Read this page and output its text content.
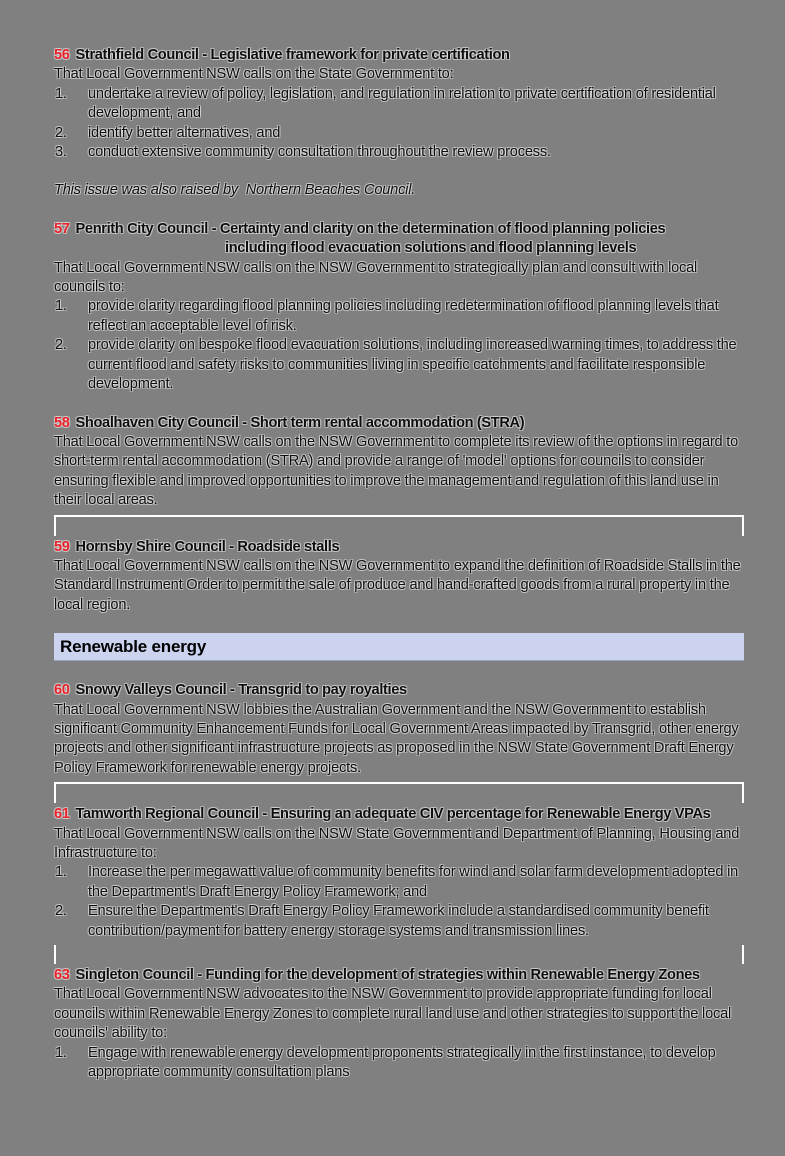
56 Strathfield Council - Legislative framework for private certification

That Local Government NSW calls on the State Government to:

undertake a review of policy, legislation, and regulation in relation to private certification of residential development, and
identify better alternatives, and
conduct extensive community consultation throughout the review process.

This issue was also raised by  Northern Beaches Council.

57 Penrith City Council - Certainty and clarity on the determination of flood planning policies
including flood evacuation solutions and flood planning levels

That Local Government NSW calls on the NSW Government to strategically plan and consult with local councils to:

provide clarity regarding flood planning policies including redetermination of flood planning levels that reflect an acceptable level of risk.
provide clarity on bespoke flood evacuation solutions, including increased warning times, to address the current flood and safety risks to communities living in specific catchments and facilitate responsible development.
58 Shoalhaven City Council - Short term rental accommodation (STRA)

That Local Government NSW calls on the NSW Government to complete its review of the options in regard to short-term rental accommodation (STRA) and provide a range of 'model' options for councils to consider ensuring flexible and improved opportunities to improve the management and regulation of this land use in their local areas.

59 Hornsby Shire Council - Roadside stalls

That Local Government NSW calls on the NSW Government to expand the definition of Roadside Stalls in the Standard Instrument Order to permit the sale of produce and hand-crafted goods from a rural property in the local region.

Renewable energy
60 Snowy Valleys Council - Transgrid to pay royalties

That Local Government NSW lobbies the Australian Government and the NSW Government to establish significant Community Enhancement Funds for Local Government Areas impacted by Transgrid, other energy projects and other significant infrastructure projects as proposed in the NSW State Government Draft Energy Policy Framework for renewable energy projects.

61 Tamworth Regional Council - Ensuring an adequate CIV percentage for Renewable Energy VPAs

That Local Government NSW calls on the NSW State Government and Department of Planning, Housing and Infrastructure to:

Increase the per megawatt value of community benefits for wind and solar farm development adopted in the Department's Draft Energy Policy Framework; and
Ensure the Department's Draft Energy Policy Framework include a standardised community benefit contribution/payment for battery energy storage systems and transmission lines.
63 Singleton Council - Funding for the development of strategies within Renewable Energy Zones

That Local Government NSW advocates to the NSW Government to provide appropriate funding for local councils within Renewable Energy Zones to complete rural land use and other strategies to support the local councils' ability to:

Engage with renewable energy development proponents strategically in the first instance, to develop appropriate community consultation plans
